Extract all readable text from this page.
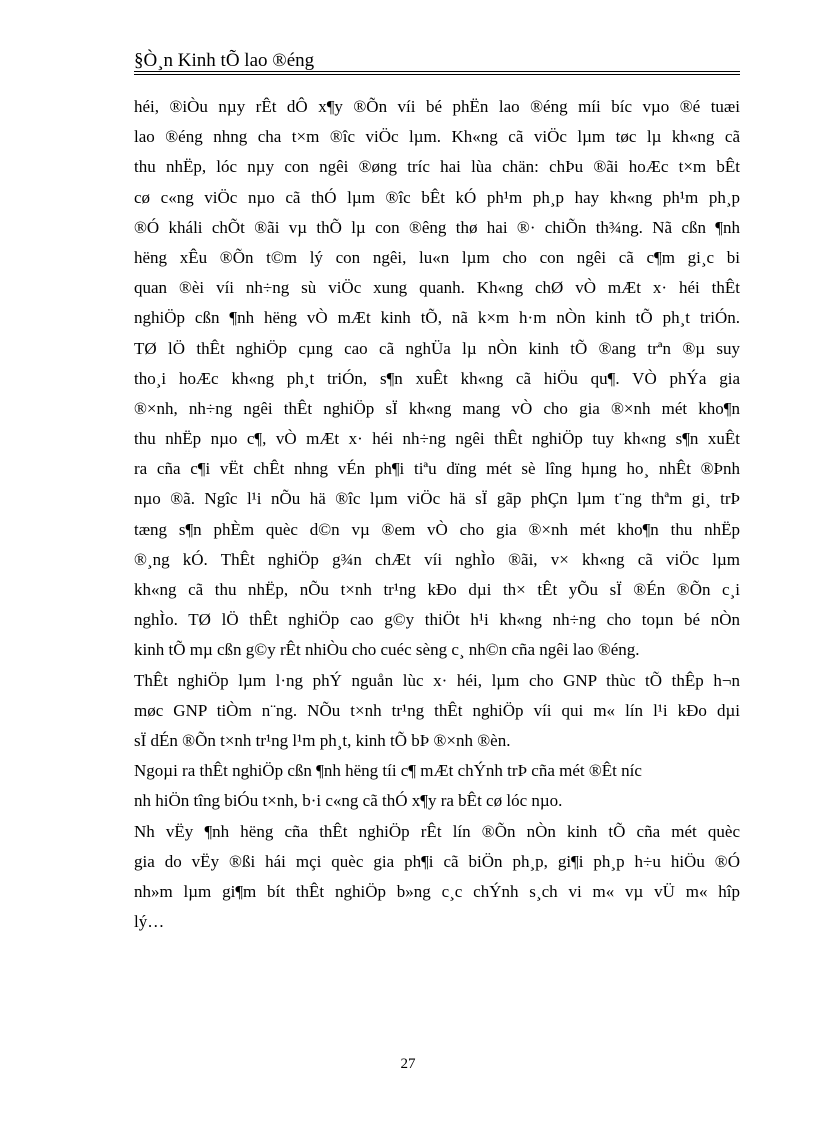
§Ò¸n Kinh tÕ lao ®éng
héi, ®iÒu nµy rÊt dÔ x¶y ®Õn víi bé phËn lao ®éng míi bíc vµo ®é tuæi
lao ®éng nhng cha t×m ®îc viÖc lµm. Kh«ng cã viÖc lµm tøc lµ kh«ng cã
thu nhËp, lóc nµy con ngêi ®øng tríc hai lùa chän: chÞu ®ãi hoÆc t×m bÊt
cø c«ng viÖc nµo cã thÓ lµm ®îc bÊt kÓ ph¹m ph¸p hay kh«ng ph¹m ph¸p
®Ó kháli chÕt ®ãi vµ thÕ lµ con ®êng thø hai ®· chiÕn th¾ng. Nã cßn ¶nh
hëng xÊu ®Õn t©m lý con ngêi, lu«n lµm cho con ngêi cã c¶m gi¸c bi
quan ®èi víi nh÷ng sù viÖc xung quanh. Kh«ng chØ vÒ mÆt x· héi thÊt
nghiÖp cßn ¶nh hëng vÒ mÆt kinh tÕ, nã k×m h·m nÒn kinh tÕ ph¸t triÓn.
TØ lÖ thÊt nghiÖp cµng cao cã nghÜa lµ nÒn kinh tÕ ®ang trªn ®µ suy
tho¸i hoÆc kh«ng ph¸t triÓn, s¶n xuÊt kh«ng cã hiÖu qu¶. VÒ phÝa gia
®×nh, nh÷ng ngêi thÊt nghiÖp sÏ kh«ng mang vÒ cho gia ®×nh mét kho¶n
thu nhËp nµo c¶, vÒ mÆt x· héi nh÷ng ngêi thÊt nghiÖp tuy kh«ng s¶n xuÊt
ra cña c¶i vËt chÊt nhng vÉn ph¶i tiªu dïng mét sè lîng hµng ho¸ nhÊt ®Þnh
nµo ®ã. Ngîc l¹i nÕu hä ®îc lµm viÖc hä sÏ gãp phÇn lµm t¨ng thªm gi¸ trÞ
tæng s¶n phÈm quèc d©n vµ ®em vÒ cho gia ®×nh mét kho¶n thu nhËp
®¸ng kÓ. ThÊt nghiÖp g¾n chÆt víi nghÌo ®ãi, v× kh«ng cã viÖc lµm
kh«ng cã thu nhËp, nÕu t×nh tr¹ng kÐo dµi th× tÊt yÕu sÏ ®Én ®Õn c¸i
nghÌo. TØ lÖ thÊt nghiÖp cao g©y thiÖt h¹i kh«ng nh÷ng cho toµn bé nÒn
kinh tÕ mµ cßn g©y rÊt nhiÒu cho cuéc sèng c¸ nh©n cña ngêi lao ®éng.
ThÊt nghiÖp lµm l·ng phÝ nguån lùc x· héi, lµm cho GNP thùc tÕ thÊp h¬n
møc GNP tiÒm n¨ng. NÕu t×nh tr¹ng thÊt nghiÖp víi qui m« lín l¹i kÐo dµi
sÏ dÉn ®Õn t×nh tr¹ng l¹m ph¸t, kinh tÕ bÞ ®×nh ®èn.
Ngoµi ra thÊt nghiÖp cßn ¶nh hëng tíi c¶ mÆt chÝnh trÞ cña mét ®Êt níc
nh hiÖn tîng biÓu t×nh, b·i c«ng cã thÓ x¶y ra bÊt cø lóc nµo.
Nh vËy ¶nh hëng cña thÊt nghiÖp rÊt lín ®Õn nÒn kinh tÕ cña mét quèc
gia do vËy ®ßi hái mçi quèc gia ph¶i cã biÖn ph¸p, gi¶i ph¸p h÷u hiÖu ®Ó
nh»m lµm gi¶m bít thÊt nghiÖp b»ng c¸c chÝnh s¸ch vi m« vµ vÜ m« hîp
lý…
27
